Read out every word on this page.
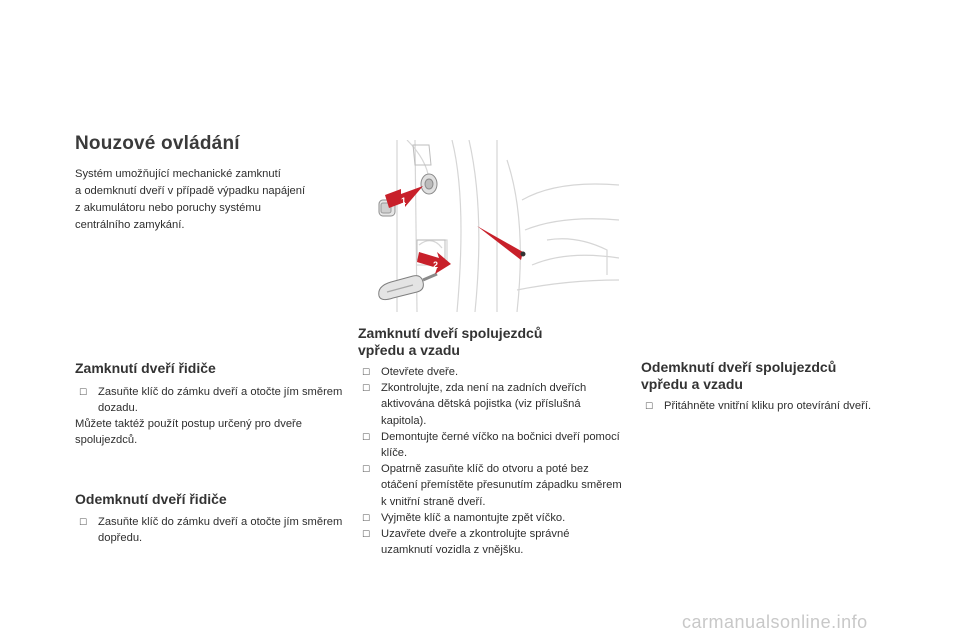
Nouzové ovládání
Systém umožňující mechanické zamknutí
a odemknutí dveří v případě výpadku napájení
z akumulátoru nebo poruchy systému
centrálního zamykání.
1
2
Zamknutí dveří řidiče
☐ Zasuňte klíč do zámku dveří a otočte jím směrem dozadu.
Můžete taktéž použít postup určený pro dveře spolujezdců.
Odemknutí dveří řidiče
☐ Zasuňte klíč do zámku dveří a otočte jím směrem dopředu.
Zamknutí dveří spolujezdců
vpředu a vzadu
☐ Otevřete dveře.
☐ Zkontrolujte, zda není na zadních dveřích aktivována dětská pojistka (viz příslušná kapitola).
☐ Demontujte černé víčko na bočnici dveří pomocí klíče.
☐ Opatrně zasuňte klíč do otvoru a poté bez otáčení přemístěte přesunutím západku směrem k vnitřní straně dveří.
☐ Vyjměte klíč a namontujte zpět víčko.
☐ Uzavřete dveře a zkontrolujte správné uzamknutí vozidla z vnějšku.
Odemknutí dveří spolujezdců
vpředu a vzadu
☐ Přitáhněte vnitřní kliku pro otevírání dveří.
carmanualsonline.info
